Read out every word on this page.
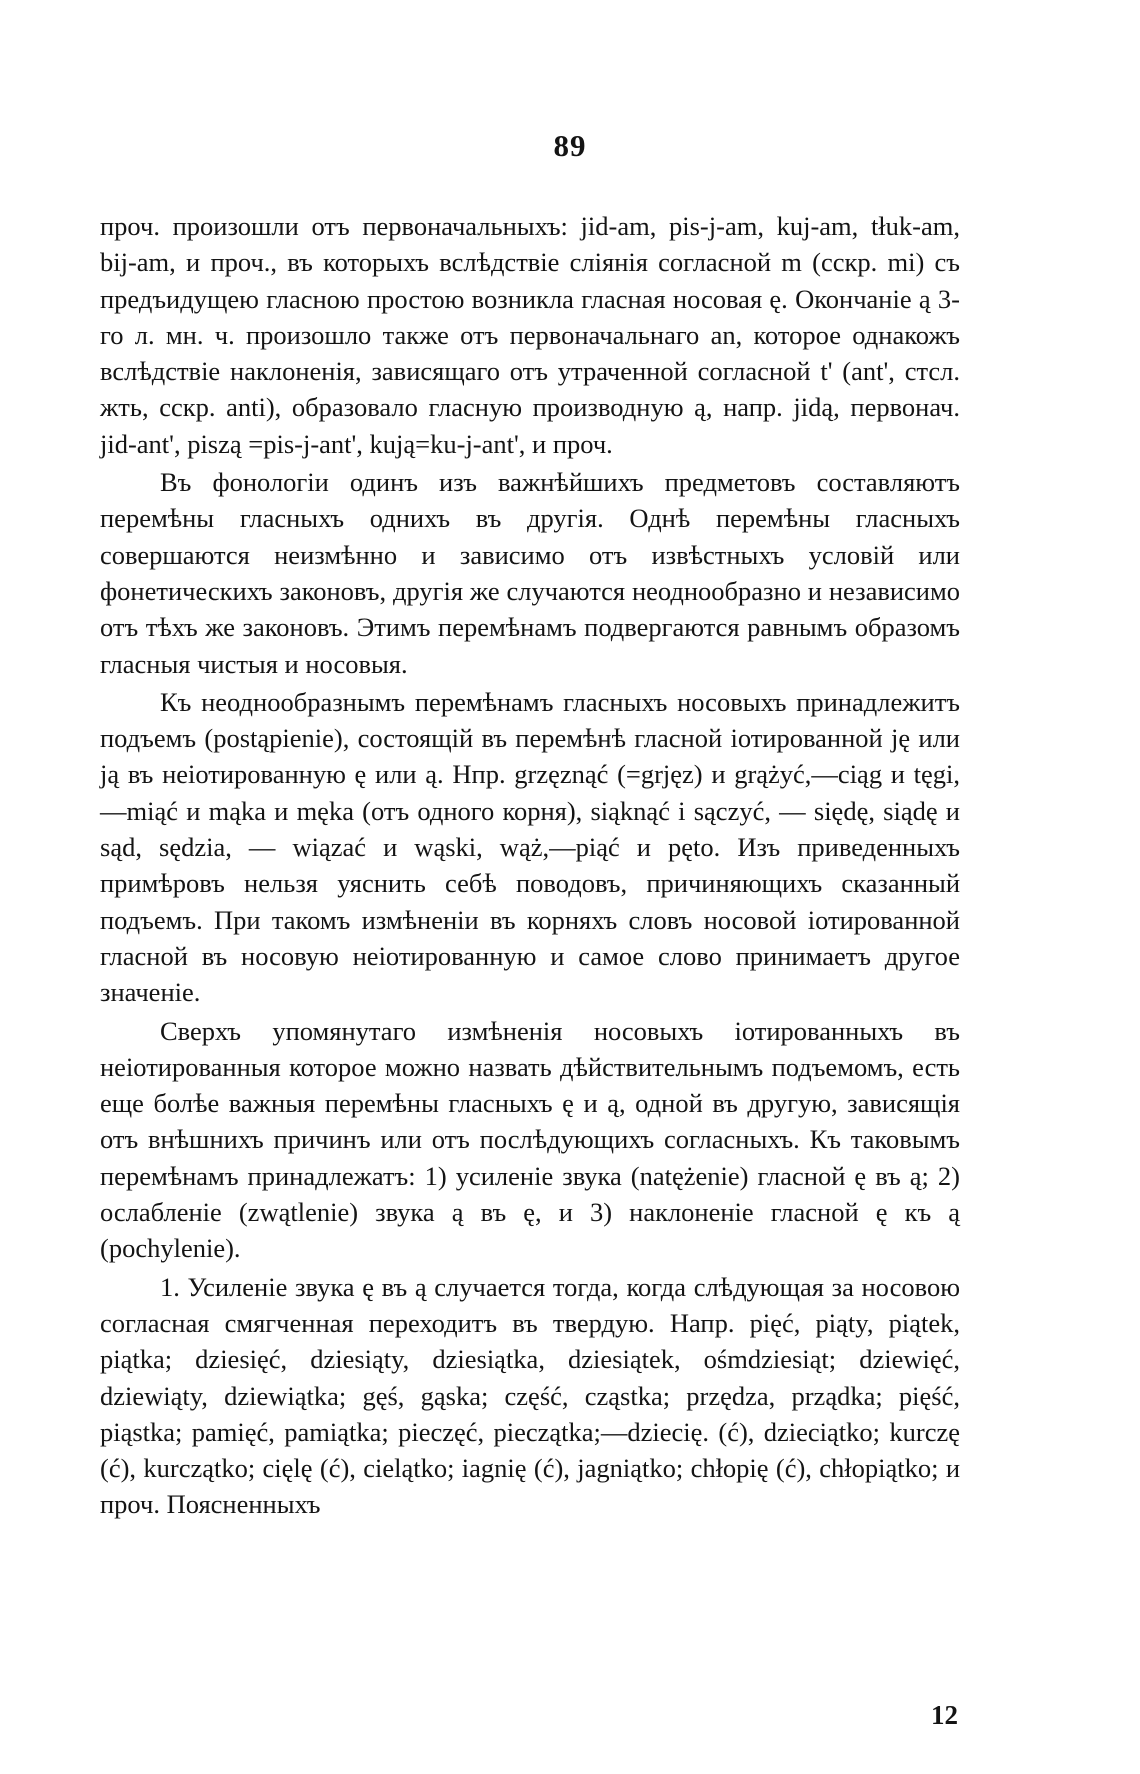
89

проч. произошли отъ первоначальныхъ: jid-am, pis-j-am, kuj-am, tłuk-am, bij-am, и проч., въ которыхъ вслѣдствіе сліянія согласной m (сскр. mi) съ предъидущею гласною простою возникла гласная носовая ę. Окончаніе ą 3-го л. мн. ч. произошло также отъ первоначальнаго an, которое однакожъ вслѣдствіе наклоненія, зависящаго отъ утраченной согласной t' (ant', стсл. жть, сскр. anti), образовало гласную производную ą, напр. jidą, первонач. jid-ant', piszą =pis-j-ant', kują=ku-j-ant', и проч.

Въ фонологіи одинъ изъ важнѣйшихъ предметовъ составляютъ перемѣны гласныхъ однихъ въ другія. Однѣ перемѣны гласныхъ совершаются неизмѣнно и зависимо отъ извѣстныхъ условій или фонетическихъ законовъ, другія же случаются неоднообразно и независимо отъ тѣхъ же законовъ. Этимъ перемѣнамъ подвергаются равнымъ образомъ гласныя чистыя и носовыя.

Къ неоднообразнымъ перемѣнамъ гласныхъ носовыхъ принадлежитъ подъемъ (postąpienie), состоящій въ перемѣнѣ гласной іотированной ję или ją въ неіотированную ę или ą. Нпр. grzęznąć (=grjęz) и grążyć,—ciąg и tęgi,—miąć и mąka и męka (отъ одного корня), siąknąć і sączyć, — siędę, siądę и sąd, sędzia, — wiązać и wąski, wąż,—piąć и pęto. Изъ приведенныхъ примѣровъ нельзя уяснить себѣ поводовъ, причиняющихъ сказанный подъемъ. При такомъ измѣненіи въ корняхъ словъ носовой іотированной гласной въ носовую неіотированную и самое слово принимаетъ другое значеніе.

Сверхъ упомянутаго измѣненія носовыхъ іотированныхъ въ неіотированныя которое можно назвать дѣйствительнымъ подъемомъ, есть еще болѣе важныя перемѣны гласныхъ ę и ą, одной въ другую, зависящія отъ внѣшнихъ причинъ или отъ послѣдующихъ согласныхъ. Къ таковымъ перемѣнамъ принадлежатъ: 1) усиленіе звука (natężenie) гласной ę въ ą; 2) ослабленіе (zwątlenie) звука ą въ ę, и 3) наклоненіе гласной ę къ ą (pochylenie).

1. Усиленіе звука ę въ ą случается тогда, когда слѣдующая за носовою согласная смягченная переходитъ въ твердую. Напр. pięć, piąty, piątek, piątka; dziesięć, dziesiąty, dziesiątka, dziesiątek, ośmdziesiąt; dziewięć, dziewiąty, dziewiątka; gęś, gąska; część, cząstka; przędza, prządka; pięść, piąstka; pamięć, pamiątka; pieczęć, pieczątka;—dziecię. (ć), dzieciątko; kurczę (ć), kurczątko; cięlę (ć), cielątko; iagnię (ć), jagniątko; chłopię (ć), chłopiątko; и проч. Поясненныхъ

12
